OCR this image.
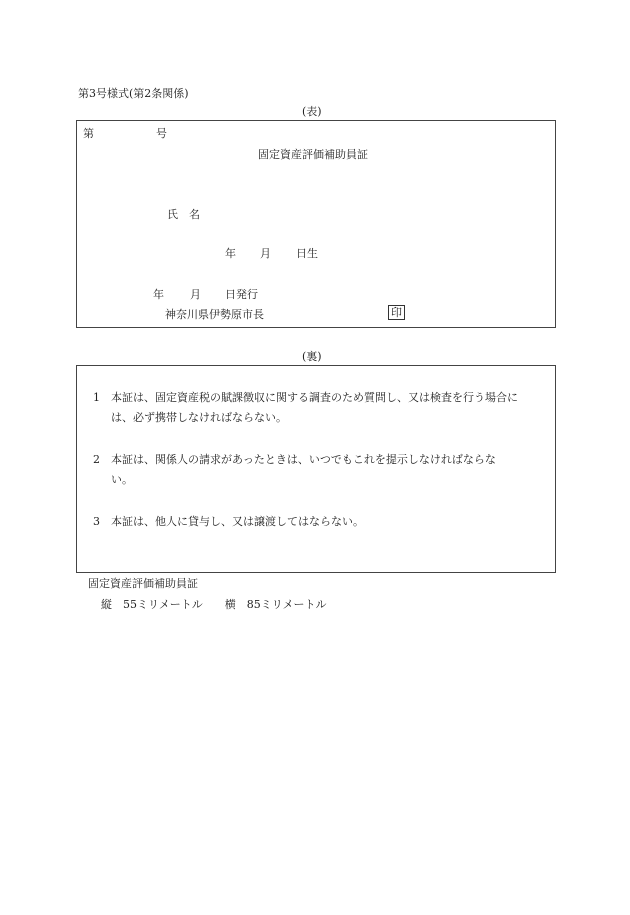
第3号様式(第2条関係)
(表)
第	号
固定資産評価補助員証
氏　名
年 月 日生
年 月 日発行
神奈川県伊勢原市長	印
(裏)
1 本証は、固定資産税の賦課徴収に関する調査のため質問し、又は検査を行う場合に
は、必ず携帯しなければならない。
2 本証は、関係人の請求があったときは、いつでもこれを提示しなければならな
い。
3 本証は、他人に貸与し、又は譲渡してはならない。
固定資産評価補助員証
縦　55ミリメートル　　横　85ミリメートル
